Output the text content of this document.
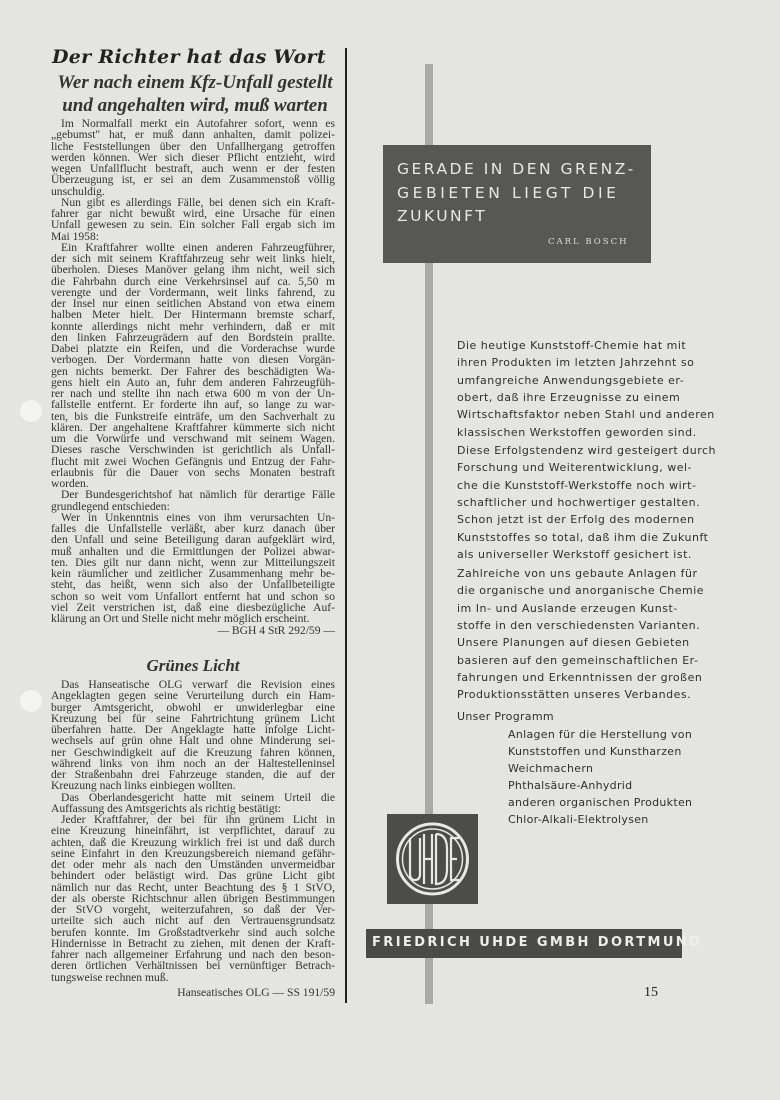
Der Richter hat das Wort
Wer nach einem Kfz-Unfall gestellt
und angehalten wird, muß warten
Im Normalfall merkt ein Autofahrer sofort, wenn es
„gebumst" hat, er muß dann anhalten, damit polizei-
liche Feststellungen über den Unfallhergang getroffen
werden können. Wer sich dieser Pflicht entzieht, wird
wegen Unfallflucht bestraft, auch wenn er der festen
Überzeugung ist, er sei an dem Zusammenstoß völlig
unschuldig.
Nun gibt es allerdings Fälle, bei denen sich ein Kraft-
fahrer gar nicht bewußt wird, eine Ursache für einen
Unfall gewesen zu sein. Ein solcher Fall ergab sich im
Mai 1958:
Ein Kraftfahrer wollte einen anderen Fahrzeugführer,
der sich mit seinem Kraftfahrzeug sehr weit links hielt,
überholen. Dieses Manöver gelang ihm nicht, weil sich
die Fahrbahn durch eine Verkehrsinsel auf ca. 5,50 m
verengte und der Vordermann, weit links fahrend, zu
der Insel nur einen seitlichen Abstand von etwa einem
halben Meter hielt. Der Hintermann bremste scharf,
konnte allerdings nicht mehr verhindern, daß er mit
den linken Fahrzeugrädern auf den Bordstein prallte.
Dabei platzte ein Reifen, und die Vorderachse wurde
verbogen. Der Vordermann hatte von diesen Vorgän-
gen nichts bemerkt. Der Fahrer des beschädigten Wa-
gens hielt ein Auto an, fuhr dem anderen Fahrzeugfüh-
rer nach und stellte ihn nach etwa 600 m von der Un-
fallstelle entfernt. Er forderte ihn auf, so lange zu war-
ten, bis die Funkstreife einträfe, um den Sachverhalt zu
klären. Der angehaltene Kraftfahrer kümmerte sich nicht
um die Vorwürfe und verschwand mit seinem Wagen.
Dieses rasche Verschwinden ist gerichtlich als Unfall-
flucht mit zwei Wochen Gefängnis und Entzug der Fahr-
erlaubnis für die Dauer von sechs Monaten bestraft
worden.
Der Bundesgerichtshof hat nämlich für derartige Fälle
grundlegend entschieden:
Wer in Unkenntnis eines von ihm verursachten Un-
falles die Unfallstelle verläßt, aber kurz danach über
den Unfall und seine Beteiligung daran aufgeklärt wird,
muß anhalten und die Ermittlungen der Polizei abwar-
ten. Dies gilt nur dann nicht, wenn zur Mitteilungszeit
kein räumlicher und zeitlicher Zusammenhang mehr be-
steht, das heißt, wenn sich also der Unfallbeteiligte
schon so weit vom Unfallort entfernt hat und schon so
viel Zeit verstrichen ist, daß eine diesbezügliche Auf-
klärung an Ort und Stelle nicht mehr möglich erscheint.
— BGH 4 StR 292/59 —
Grünes Licht
Das Hanseatische OLG verwarf die Revision eines
Angeklagten gegen seine Verurteilung durch ein Ham-
burger Amtsgericht, obwohl er unwiderlegbar eine
Kreuzung bei für seine Fahrtrichtung grünem Licht
überfahren hatte. Der Angeklagte hatte infolge Licht-
wechsels auf grün ohne Halt und ohne Minderung sei-
ner Geschwindigkeit auf die Kreuzung fahren können,
während links von ihm noch an der Haltestelleninsel
der Straßenbahn drei Fahrzeuge standen, die auf der
Kreuzung nach links einbiegen wollten.
Das Oberlandesgericht hatte mit seinem Urteil die
Auffassung des Amtsgerichts als richtig bestätigt:
Jeder Kraftfahrer, der bei für ihn grünem Licht in
eine Kreuzung hineinfährt, ist verpflichtet, darauf zu
achten, daß die Kreuzung wirklich frei ist und daß durch
seine Einfahrt in den Kreuzungsbereich niemand gefähr-
det oder mehr als nach den Umständen unvermeidbar
behindert oder belästigt wird. Das grüne Licht gibt
nämlich nur das Recht, unter Beachtung des § 1 StVO,
der als oberste Richtschnur allen übrigen Bestimmungen
der StVO vorgeht, weiterzufahren, so daß der Ver-
urteilte sich auch nicht auf den Vertrauensgrundsatz
berufen konnte. Im Großstadtverkehr sind auch solche
Hindernisse in Betracht zu ziehen, mit denen der Kraft-
fahrer nach allgemeiner Erfahrung und nach den beson-
deren örtlichen Verhältnissen bei vernünftiger Betrach-
tungsweise rechnen muß.
Hanseatisches OLG — SS 191/59
GERADE IN DEN GRENZ-
GEBIETEN LIEGT DIE
ZUKUNFT
CARL BOSCH
Die heutige Kunststoff-Chemie hat mit
ihren Produkten im letzten Jahrzehnt so
umfangreiche Anwendungsgebiete er-
obert, daß ihre Erzeugnisse zu einem
Wirtschaftsfaktor neben Stahl und anderen
klassischen Werkstoffen geworden sind.
Diese Erfolgstendenz wird gesteigert durch
Forschung und Weiterentwicklung, wel-
che die Kunststoff-Werkstoffe noch wirt-
schaftlicher und hochwertiger gestalten.
Schon jetzt ist der Erfolg des modernen
Kunststoffes so total, daß ihm die Zukunft
als universeller Werkstoff gesichert ist.
Zahlreiche von uns gebaute Anlagen für
die organische und anorganische Chemie
im In- und Auslande erzeugen Kunst-
stoffe in den verschiedensten Varianten.
Unsere Planungen auf diesen Gebieten
basieren auf den gemeinschaftlichen Er-
fahrungen und Erkenntnissen der großen
Produktionsstätten unseres Verbandes.
Unser Programm
Anlagen für die Herstellung von
Kunststoffen und Kunstharzen
Weichmachern
Phthalsäure-Anhydrid
anderen organischen Produkten
Chlor-Alkali-Elektrolysen
FRIEDRICH UHDE GMBH DORTMUND
15
